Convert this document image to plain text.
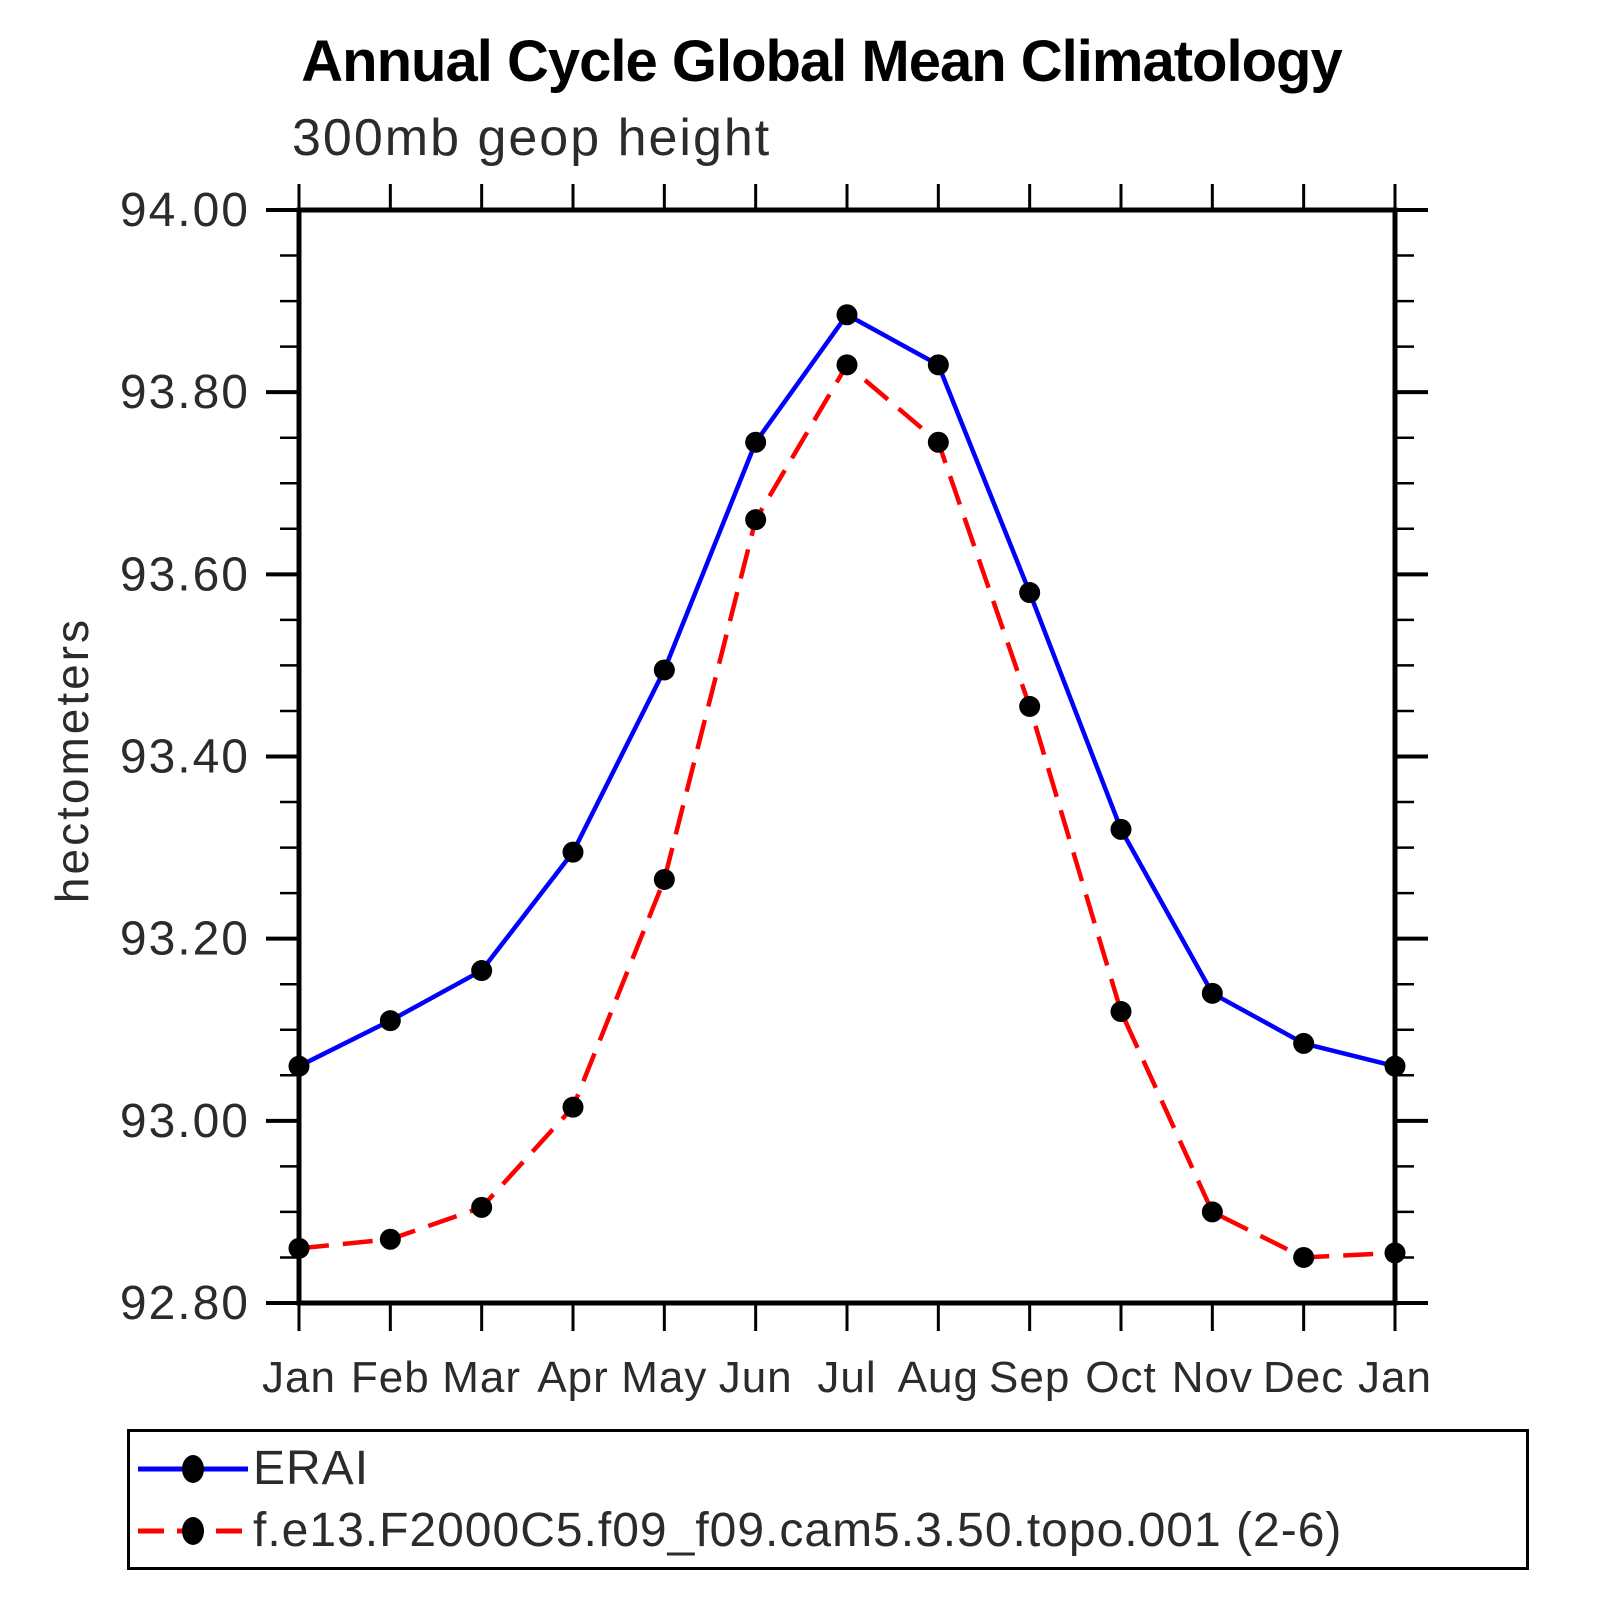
Annual Cycle Global Mean Climatology
300mb geop height
hectometers
Jan Feb Mar Apr May Jun Jul Aug Sep Oct Nov Dec Jan
94.00
93.80
93.60
93.40
93.20
93.00
92.80
ERAI
f.e13.F2000C5.f09_f09.cam5.3.50.topo.001 (2-6)
